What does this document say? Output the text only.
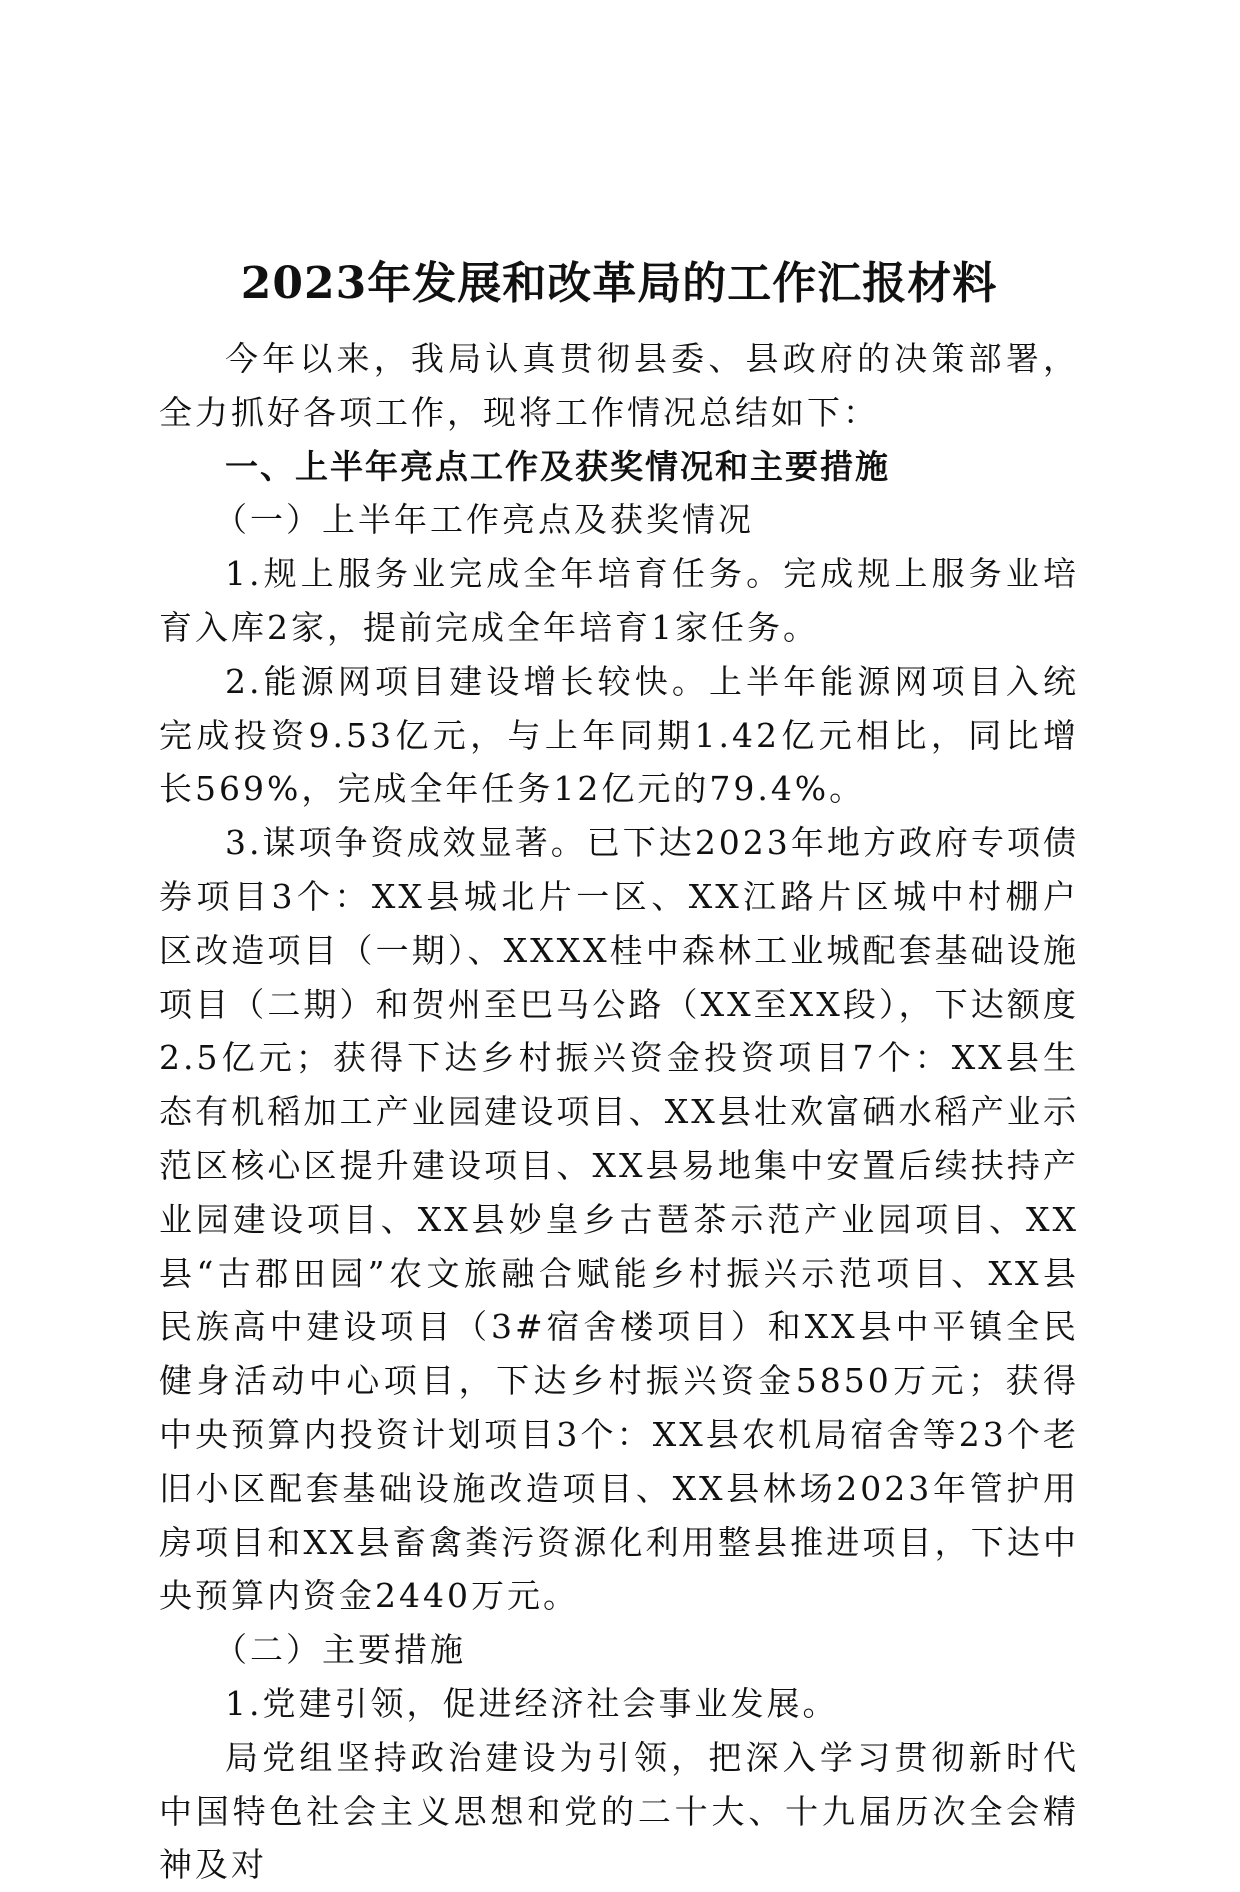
2023年发展和改革局的工作汇报材料

今年以来，我局认真贯彻县委、县政府的决策部署，全力抓好各项工作，现将工作情况总结如下：

一、上半年亮点工作及获奖情况和主要措施

（一）上半年工作亮点及获奖情况

1.规上服务业完成全年培育任务。完成规上服务业培育入库2家，提前完成全年培育1家任务。

2.能源网项目建设增长较快。上半年能源网项目入统完成投资9.53亿元，与上年同期1.42亿元相比，同比增长569%，完成全年任务12亿元的79.4%。

3.谋项争资成效显著。已下达2023年地方政府专项债券项目3个：XX县城北片一区、XX江路片区城中村棚户区改造项目（一期）、XXXX桂中森林工业城配套基础设施项目（二期）和贺州至巴马公路（XX至XX段），下达额度2.5亿元；获得下达乡村振兴资金投资项目7个：XX县生态有机稻加工产业园建设项目、XX县壮欢富硒水稻产业示范区核心区提升建设项目、XX县易地集中安置后续扶持产业园建设项目、XX县妙皇乡古琶茶示范产业园项目、XX县“古郡田园”农文旅融合赋能乡村振兴示范项目、XX县民族高中建设项目（3#宿舍楼项目）和XX县中平镇全民健身活动中心项目，下达乡村振兴资金5850万元；获得中央预算内投资计划项目3个：XX县农机局宿舍等23个老旧小区配套基础设施改造项目、XX县林场2023年管护用房项目和XX县畜禽粪污资源化利用整县推进项目，下达中央预算内资金2440万元。

（二）主要措施

1.党建引领，促进经济社会事业发展。

局党组坚持政治建设为引领，把深入学习贯彻新时代中国特色社会主义思想和党的二十大、十九届历次全会精神及对
